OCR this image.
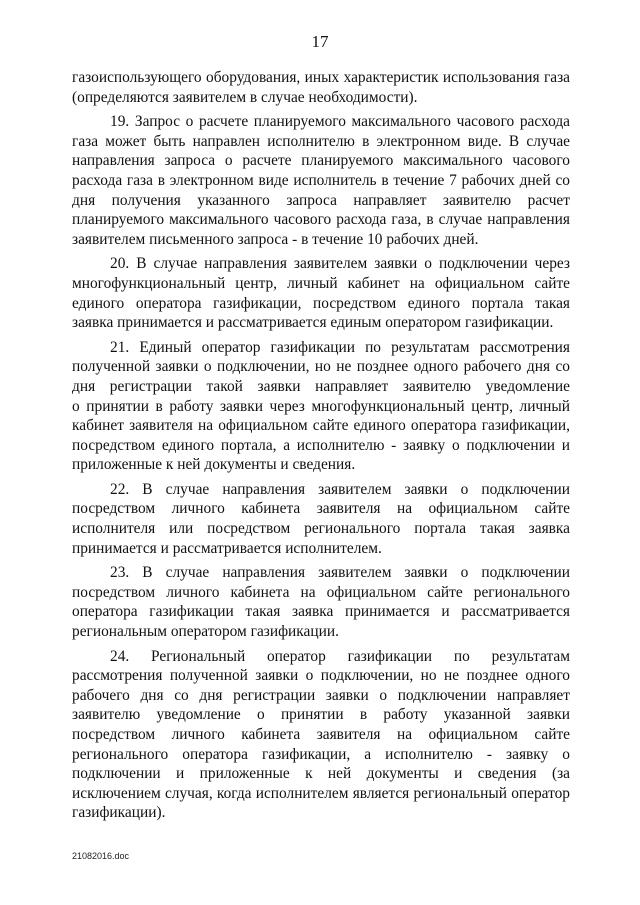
17
газоиспользующего оборудования, иных характеристик использования газа
(определяются заявителем в случае необходимости).
19. Запрос о расчете планируемого максимального часового расхода
газа может быть направлен исполнителю в электронном виде. В случае
направления запроса о расчете планируемого максимального часового
расхода газа в электронном виде исполнитель в течение 7 рабочих дней со
дня получения указанного запроса направляет заявителю расчет
планируемого максимального часового расхода газа, в случае направления
заявителем письменного запроса - в течение 10 рабочих дней.
20. В случае направления заявителем заявки о подключении через
многофункциональный центр, личный кабинет на официальном сайте
единого оператора газификации, посредством единого портала такая
заявка принимается и рассматривается единым оператором газификации.
21. Единый оператор газификации по результатам рассмотрения
полученной заявки о подключении, но не позднее одного рабочего дня со
дня регистрации такой заявки направляет заявителю уведомление
о принятии в работу заявки через многофункциональный центр, личный
кабинет заявителя на официальном сайте единого оператора газификации,
посредством единого портала, а исполнителю - заявку о подключении и
приложенные к ней документы и сведения.
22. В случае направления заявителем заявки о подключении
посредством личного кабинета заявителя на официальном сайте
исполнителя или посредством регионального портала такая заявка
принимается и рассматривается исполнителем.
23. В случае направления заявителем заявки о подключении
посредством личного кабинета на официальном сайте регионального
оператора газификации такая заявка принимается и рассматривается
региональным оператором газификации.
24. Региональный оператор газификации по результатам
рассмотрения полученной заявки о подключении, но не позднее одного
рабочего дня со дня регистрации заявки о подключении направляет
заявителю уведомление о принятии в работу указанной заявки
посредством личного кабинета заявителя на официальном сайте
регионального оператора газификации, а исполнителю - заявку о
подключении и приложенные к ней документы и сведения (за
исключением случая, когда исполнителем является региональный оператор
газификации).
21082016.doc
